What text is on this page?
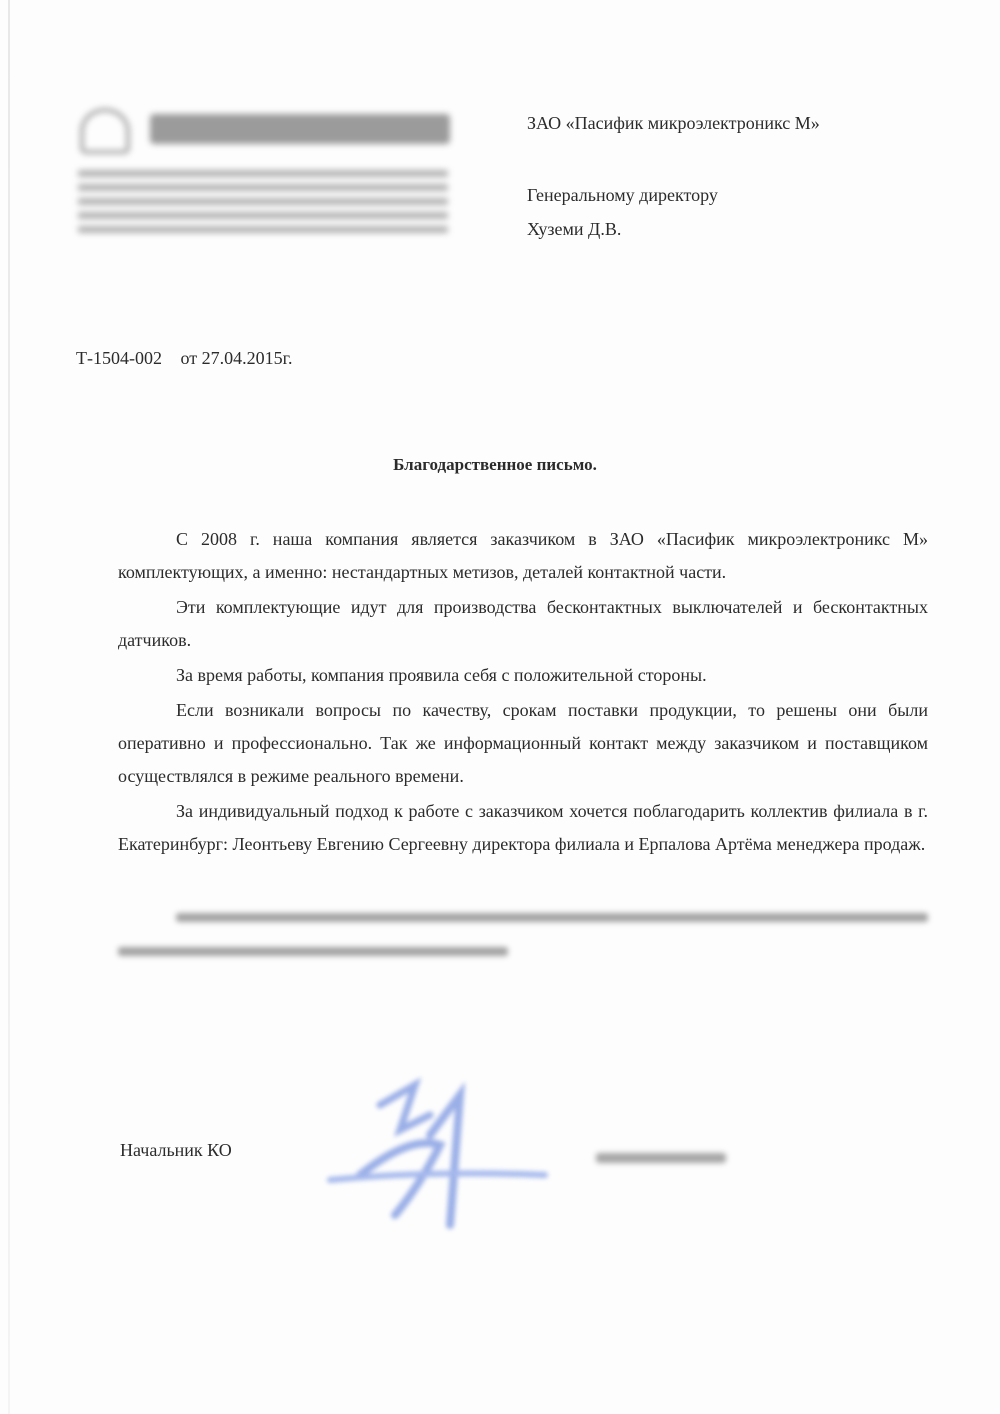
ЗАО «Пасифик микроэлектроникс М»
Генеральному директору
Хуземи Д.В.
Т-1504-002 от 27.04.2015г.
Благодарственное письмо.

С 2008 г. наша компания является заказчиком в ЗАО «Пасифик микроэлектроникс М» комплектующих, а именно: нестандартных метизов, деталей контактной части.

Эти комплектующие идут для производства бесконтактных выключателей и бесконтактных датчиков.

За время работы, компания проявила себя с положительной стороны.

Если возникали вопросы по качеству, срокам поставки продукции, то решены они были оперативно и профессионально. Так же информационный контакт между заказчиком и поставщиком осуществлялся в режиме реального времени.

За индивидуальный подход к работе с заказчиком хочется поблагодарить коллектив филиала в г. Екатеринбург: Леонтьеву Евгению Сергеевну директора филиала и Ерпалова Артёма менеджера продаж.

Начальник КО
